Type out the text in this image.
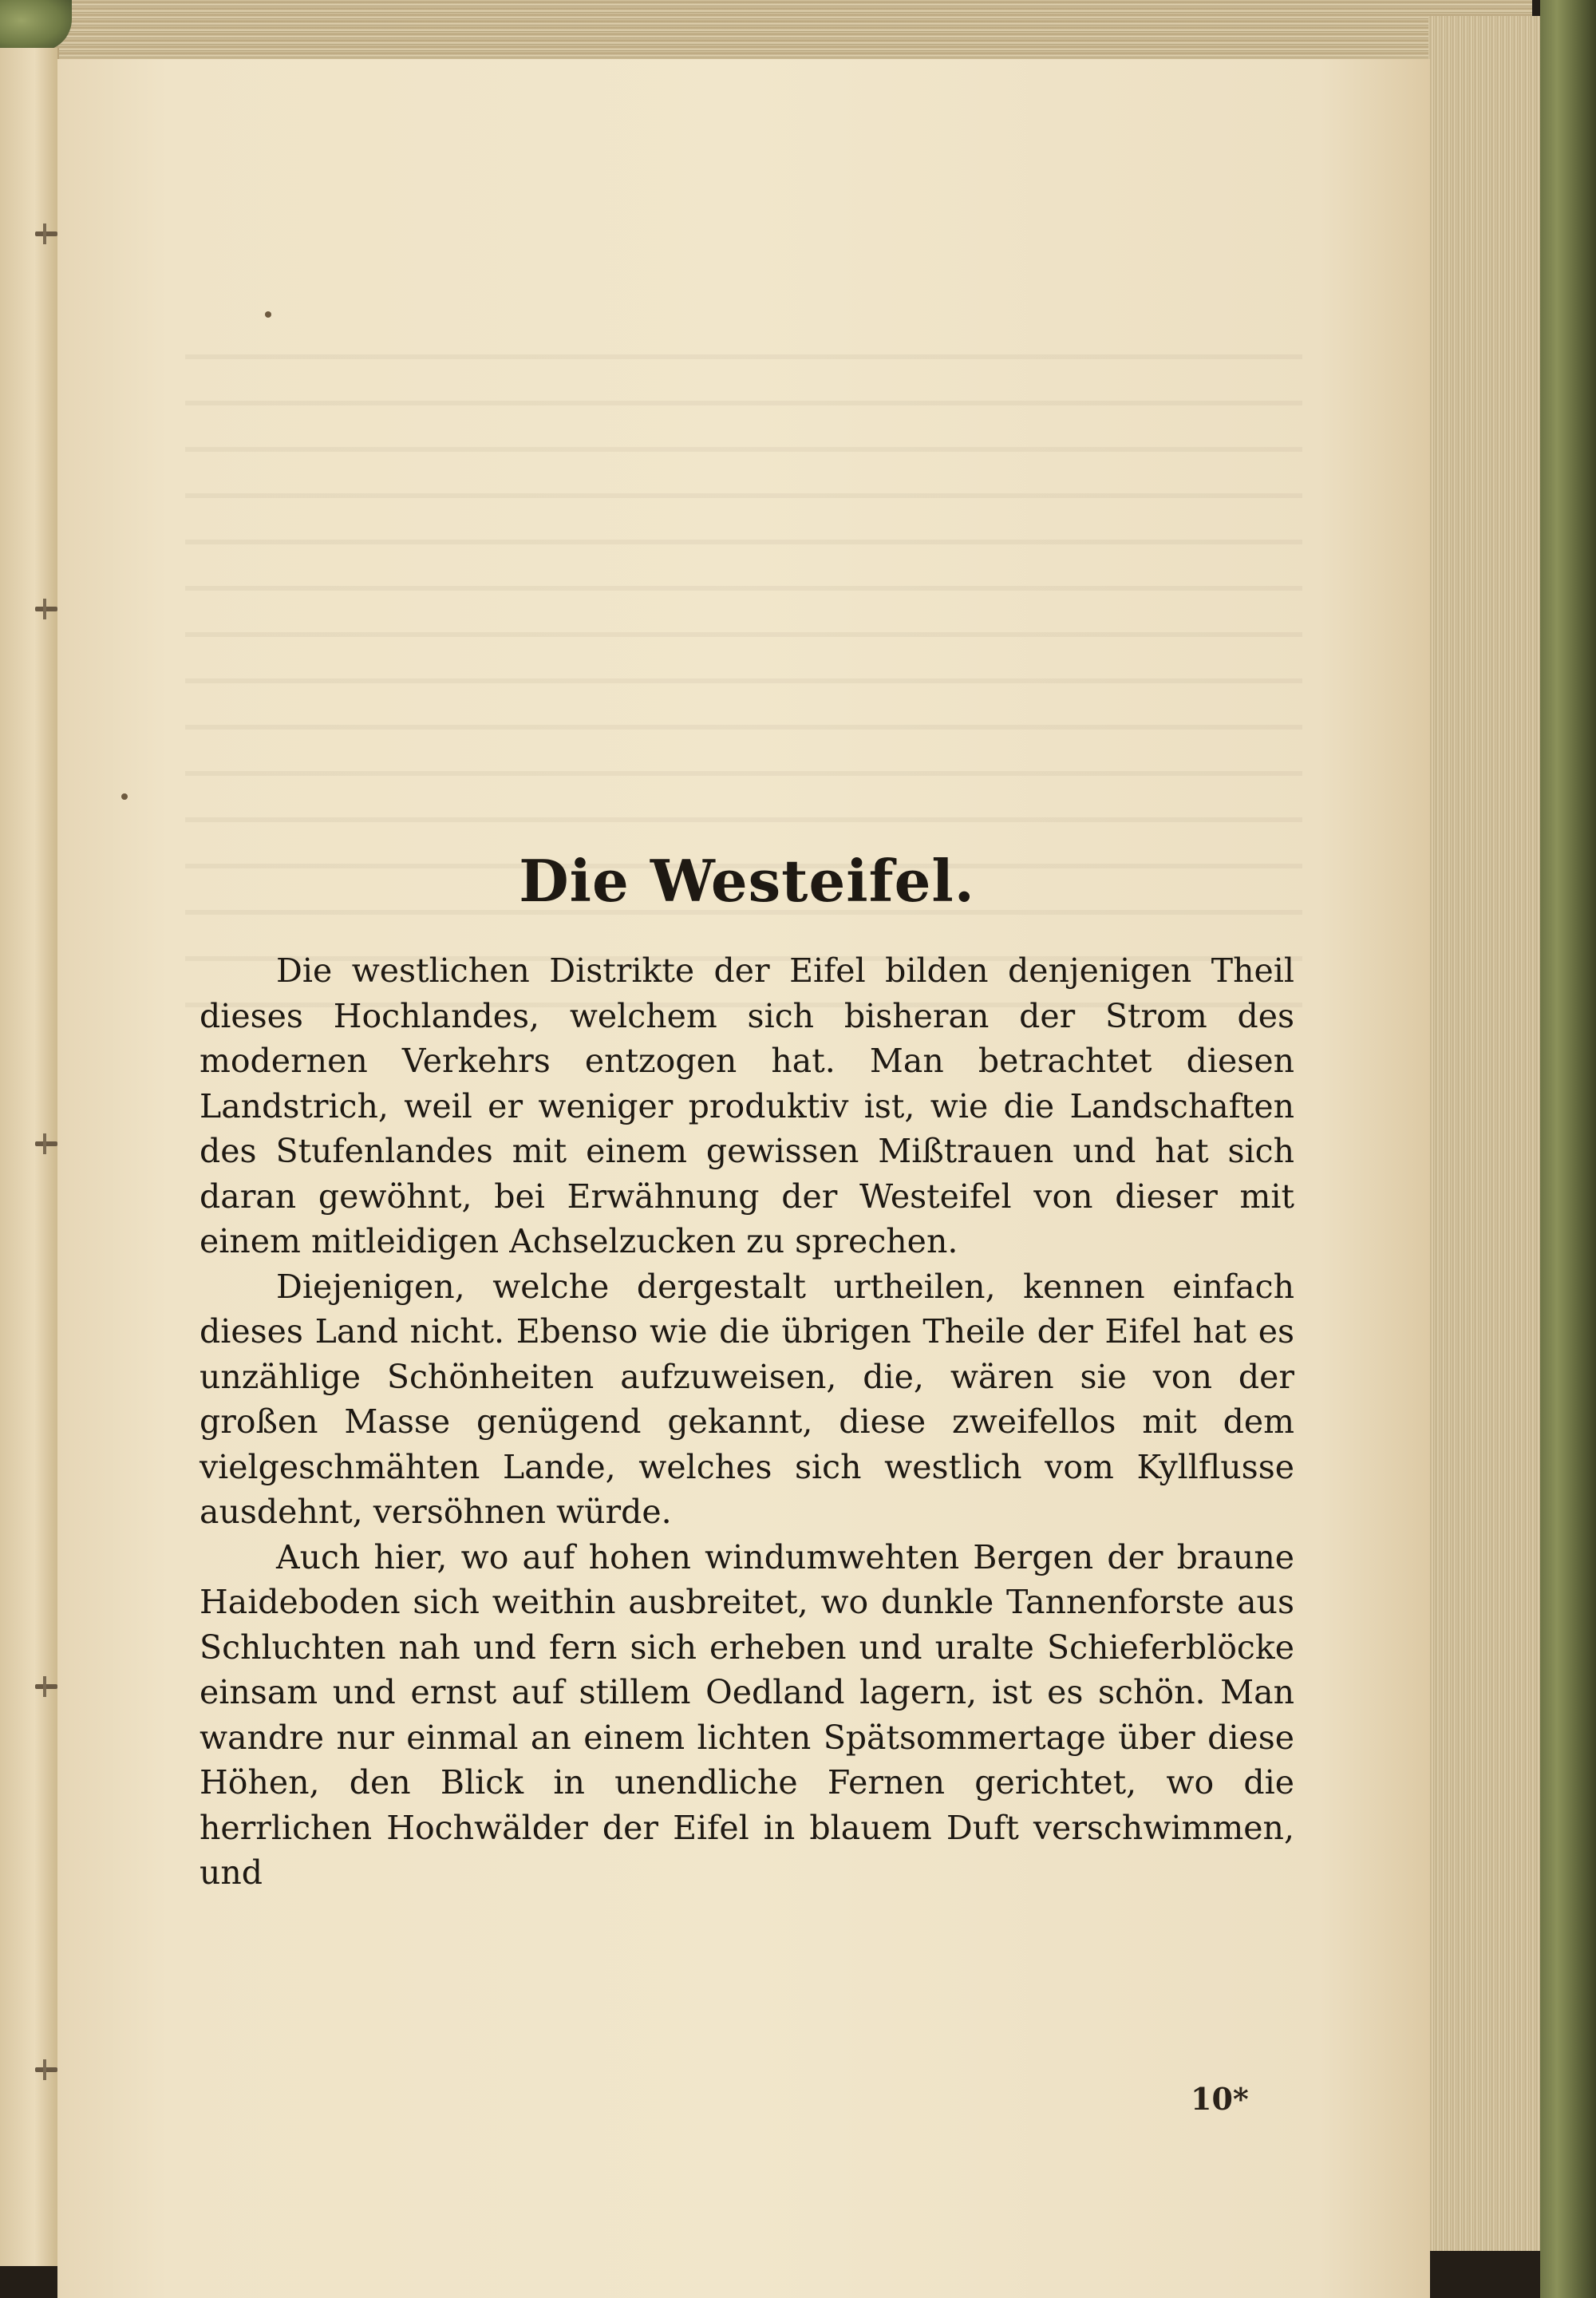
Die Westeifel.

Die westlichen Distrikte der Eifel bilden denjenigen Theil dieses Hochlandes, welchem sich bisheran der Strom des modernen Verkehrs entzogen hat. Man betrachtet diesen Landstrich, weil er weniger produktiv ist, wie die Landschaften des Stufenlandes mit einem gewissen Mißtrauen und hat sich daran gewöhnt, bei Erwähnung der Westeifel von dieser mit einem mitleidigen Achselzucken zu sprechen.

Diejenigen, welche dergestalt urtheilen, kennen einfach dieses Land nicht. Ebenso wie die übrigen Theile der Eifel hat es unzählige Schönheiten aufzuweisen, die, wären sie von der großen Masse genügend gekannt, diese zweifellos mit dem vielgeschmähten Lande, welches sich westlich vom Kyllflusse ausdehnt, versöhnen würde.

Auch hier, wo auf hohen windumwehten Bergen der braune Haideboden sich weithin ausbreitet, wo dunkle Tannenforste aus Schluchten nah und fern sich erheben und uralte Schieferblöcke einsam und ernst auf stillem Oedland lagern, ist es schön. Man wandre nur einmal an einem lichten Spätsommertage über diese Höhen, den Blick in unendliche Fernen gerichtet, wo die herrlichen Hochwälder der Eifel in blauem Duft verschwimmen, und

10*
